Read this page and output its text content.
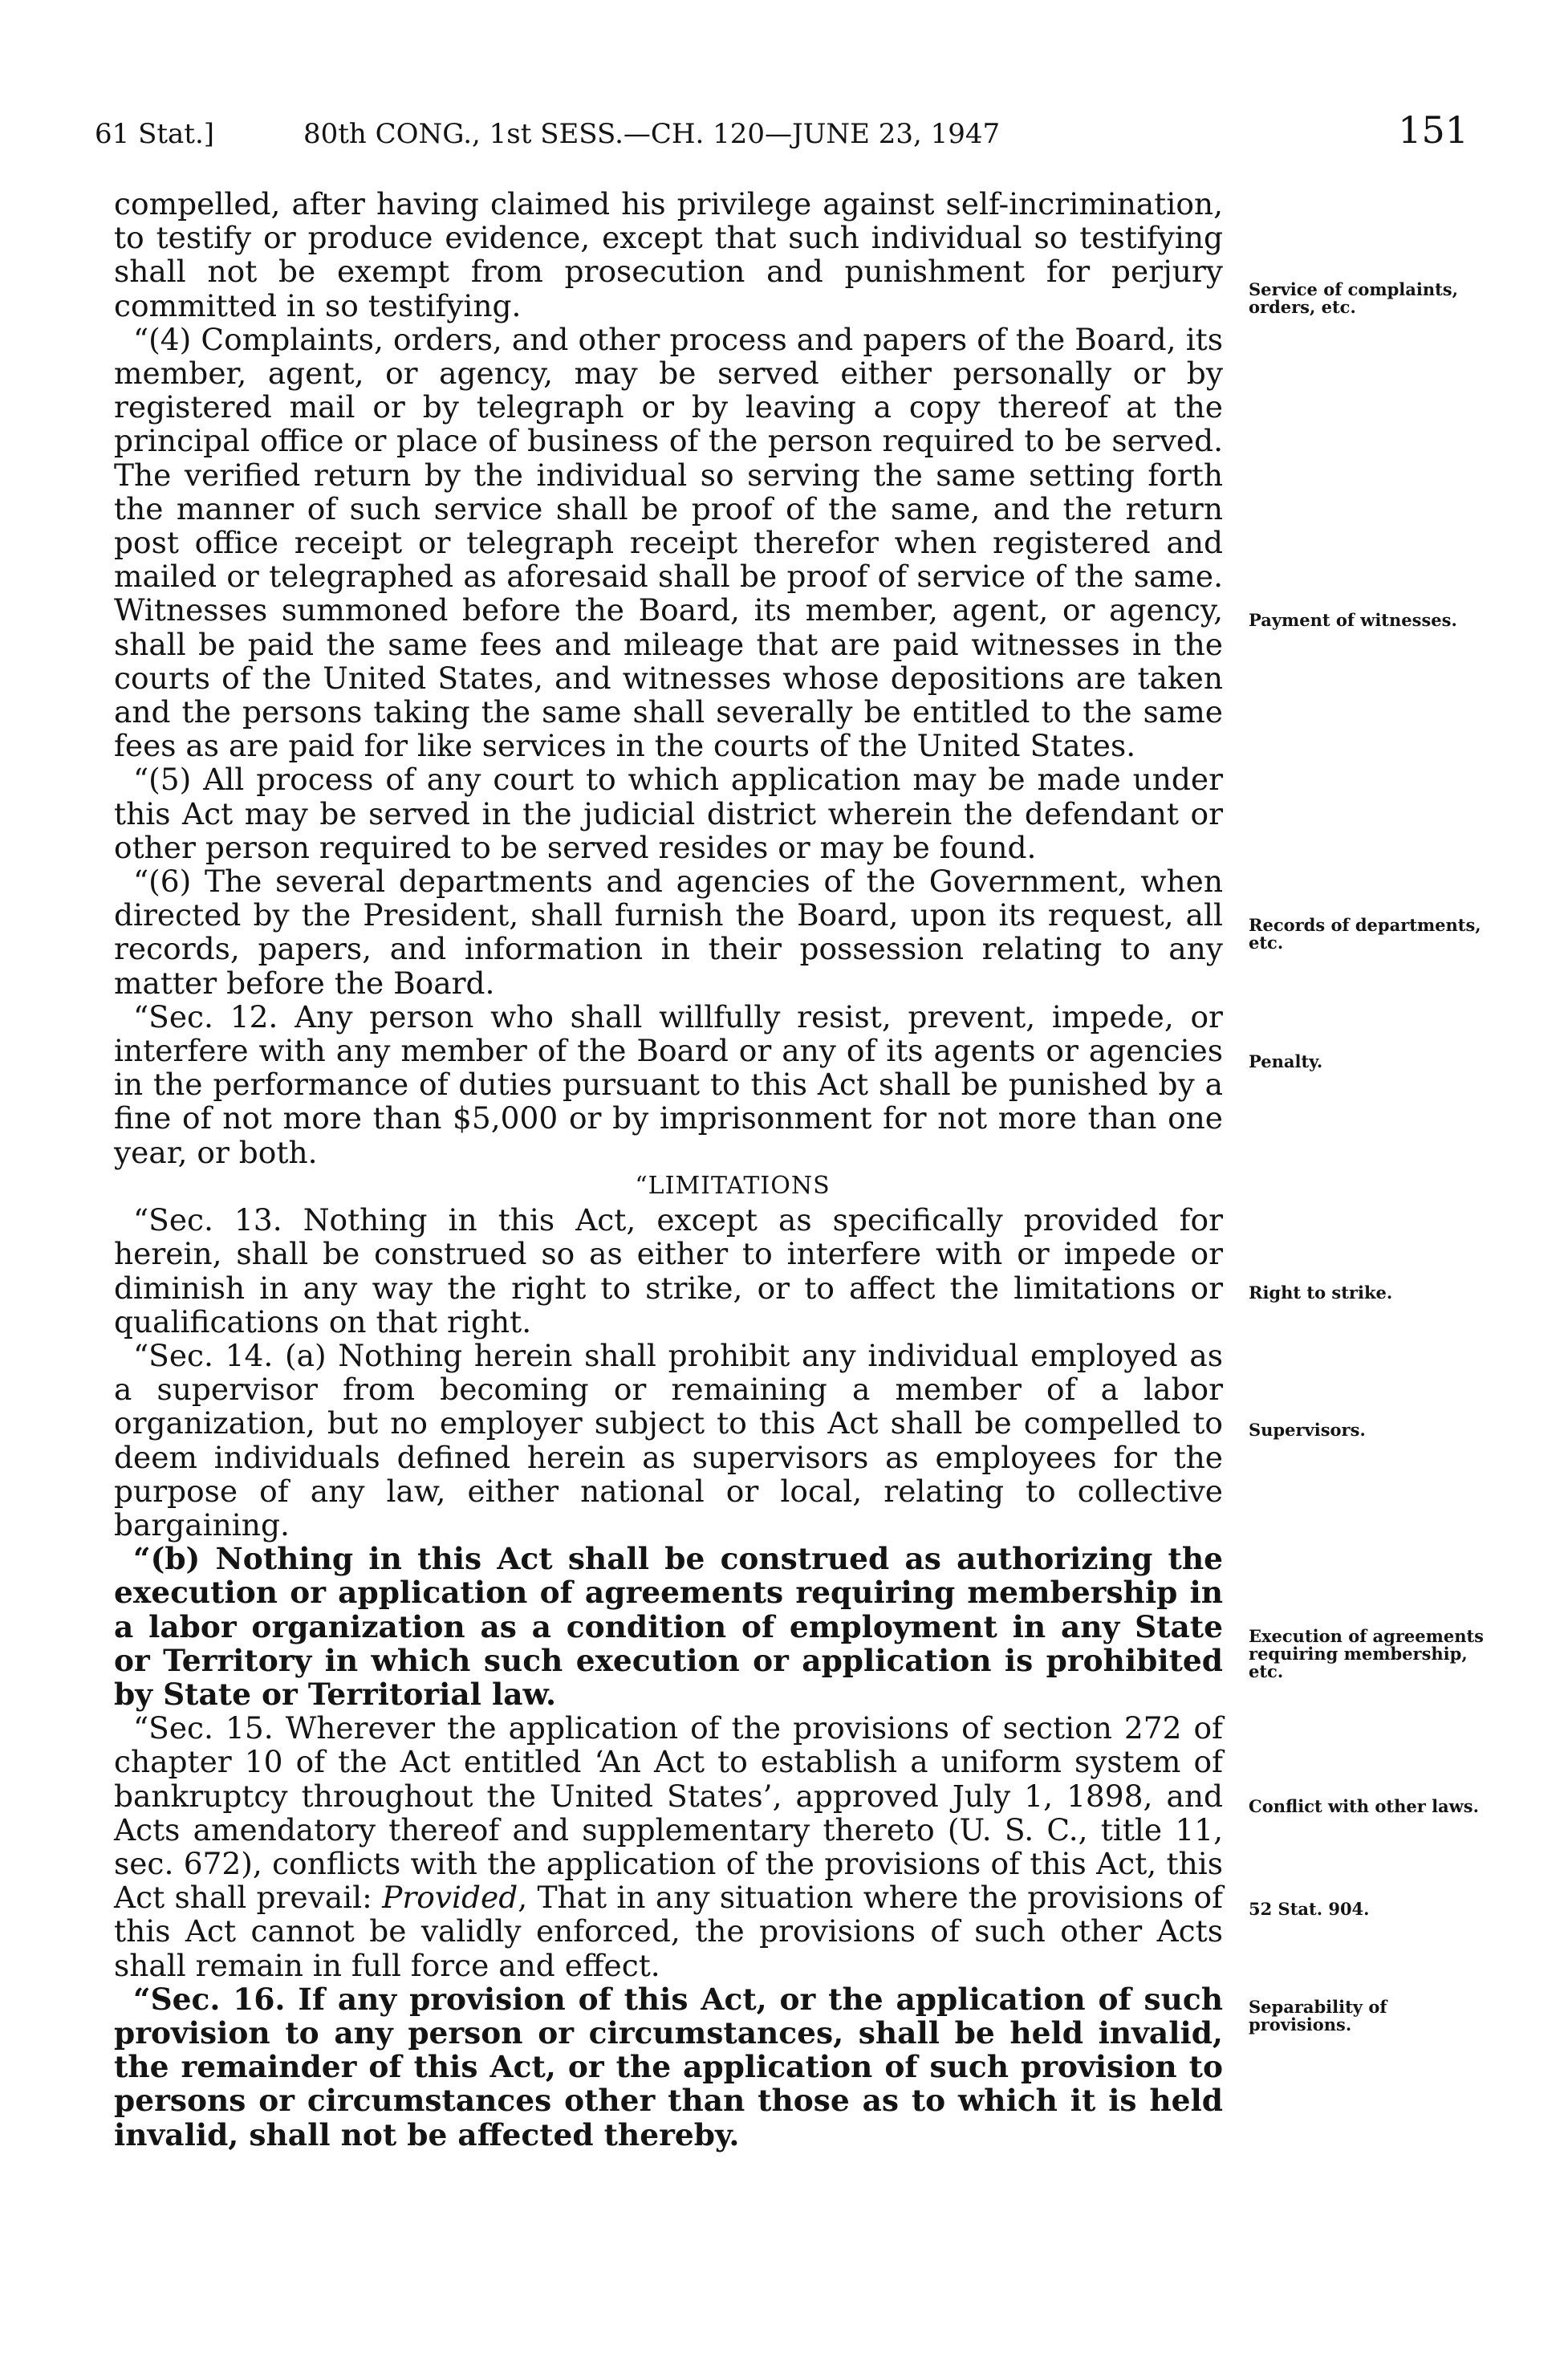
61 Stat.]	80th CONG., 1st SESS.—CH. 120—JUNE 23, 1947	151

compelled, after having claimed his privilege against self-incrimination, to testify or produce evidence, except that such individual so testifying shall not be exempt from prosecution and punishment for perjury committed in so testifying.

“(4) Complaints, orders, and other process and papers of the Board, its member, agent, or agency, may be served either personally or by registered mail or by telegraph or by leaving a copy thereof at the principal office or place of business of the person required to be served. The verified return by the individual so serving the same setting forth the manner of such service shall be proof of the same, and the return post office receipt or telegraph receipt therefor when registered and mailed or telegraphed as aforesaid shall be proof of service of the same. Witnesses summoned before the Board, its member, agent, or agency, shall be paid the same fees and mileage that are paid witnesses in the courts of the United States, and witnesses whose depositions are taken and the persons taking the same shall severally be entitled to the same fees as are paid for like services in the courts of the United States.

“(5) All process of any court to which application may be made under this Act may be served in the judicial district wherein the defendant or other person required to be served resides or may be found.

“(6) The several departments and agencies of the Government, when directed by the President, shall furnish the Board, upon its request, all records, papers, and information in their possession relating to any matter before the Board.

“Sec. 12. Any person who shall willfully resist, prevent, impede, or interfere with any member of the Board or any of its agents or agencies in the performance of duties pursuant to this Act shall be punished by a fine of not more than $5,000 or by imprisonment for not more than one year, or both.

“LIMITATIONS

“Sec. 13. Nothing in this Act, except as specifically provided for herein, shall be construed so as either to interfere with or impede or diminish in any way the right to strike, or to affect the limitations or qualifications on that right.

“Sec. 14. (a) Nothing herein shall prohibit any individual employed as a supervisor from becoming or remaining a member of a labor organization, but no employer subject to this Act shall be compelled to deem individuals defined herein as supervisors as employees for the purpose of any law, either national or local, relating to collective bargaining.

“(b) Nothing in this Act shall be construed as authorizing the execution or application of agreements requiring membership in a labor organization as a condition of employment in any State or Territory in which such execution or application is prohibited by State or Territorial law.

“Sec. 15. Wherever the application of the provisions of section 272 of chapter 10 of the Act entitled ‘An Act to establish a uniform system of bankruptcy throughout the United States’, approved July 1, 1898, and Acts amendatory thereof and supplementary thereto (U. S. C., title 11, sec. 672), conflicts with the application of the provisions of this Act, this Act shall prevail: Provided, That in any situation where the provisions of this Act cannot be validly enforced, the provisions of such other Acts shall remain in full force and effect.

“Sec. 16. If any provision of this Act, or the application of such provision to any person or circumstances, shall be held invalid, the remainder of this Act, or the application of such provision to persons or circumstances other than those as to which it is held invalid, shall not be affected thereby.

Service of complaints, orders, etc.
Payment of witnesses.
Records of departments, etc.
Penalty.
Right to strike.
Supervisors.
Execution of agreements requiring membership, etc.
Conflict with other laws.
52 Stat. 904.
Separability of provisions.
